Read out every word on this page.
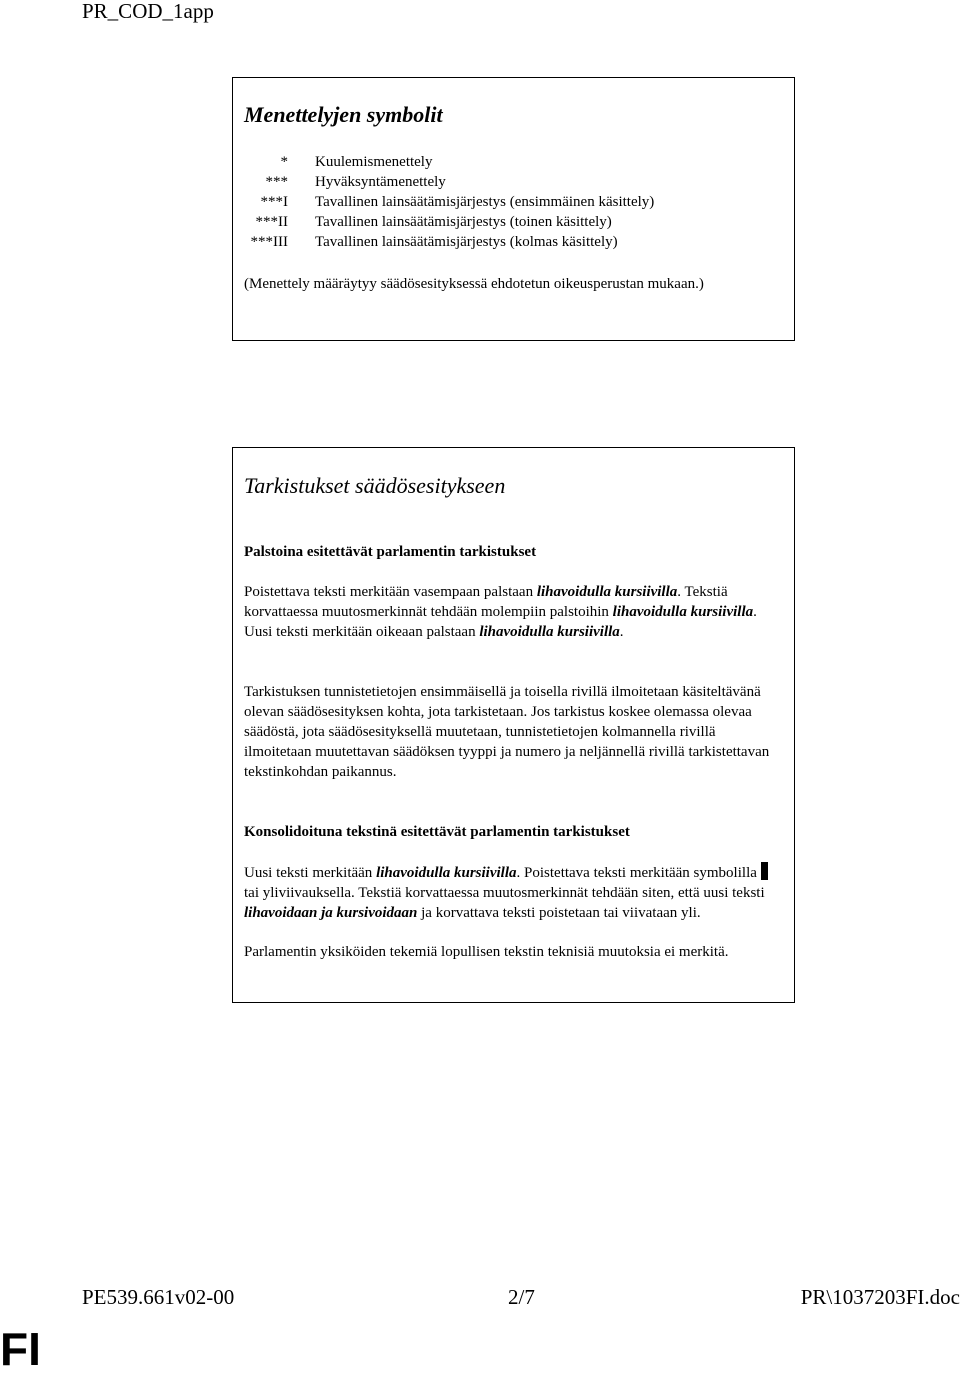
PR_COD_1app
Menettelyjen symbolit
* Kuulemismenettely
*** Hyväksyntämenettely
***I Tavallinen lainsäätämisjärjestys (ensimmäinen käsittely)
***II Tavallinen lainsäätämisjärjestys (toinen käsittely)
***III Tavallinen lainsäätämisjärjestys (kolmas käsittely)
(Menettely määräytyy säädösesityksessä ehdotetun oikeusperustan mukaan.)
Tarkistukset säädösesitykseen
Palstoina esitettävät parlamentin tarkistukset
Poistettava teksti merkitään vasempaan palstaan lihavoidulla kursiivilla. Tekstiä korvattaessa muutosmerkinnät tehdään molempiin palstoihin lihavoidulla kursiivilla. Uusi teksti merkitään oikeaan palstaan lihavoidulla kursiivilla.
Tarkistuksen tunnistetietojen ensimmäisellä ja toisella rivillä ilmoitetaan käsiteltävänä olevan säädösesityksen kohta, jota tarkistetaan. Jos tarkistus koskee olemassa olevaa säädöstä, jota säädösesityksellä muutetaan, tunnistetietojen kolmannella rivillä ilmoitetaan muutettavan säädöksen tyyppi ja numero ja neljännellä rivillä tarkistettavan tekstinkohdan paikannus.
Konsolidoituna tekstinä esitettävät parlamentin tarkistukset
Uusi teksti merkitään lihavoidulla kursiivilla. Poistettava teksti merkitään symbolillatai yliviivauksella. Tekstiä korvattaessa muutosmerkinnät tehdään siten, että uusi teksti lihavoidaan ja kursivoidaan ja korvattava teksti poistetaan tai viivataan yli.
Parlamentin yksiköiden tekemiä lopullisen tekstin teknisiä muutoksia ei merkitä.
PE539.661v02-00	2/7	PR\1037203FI.doc
FI
